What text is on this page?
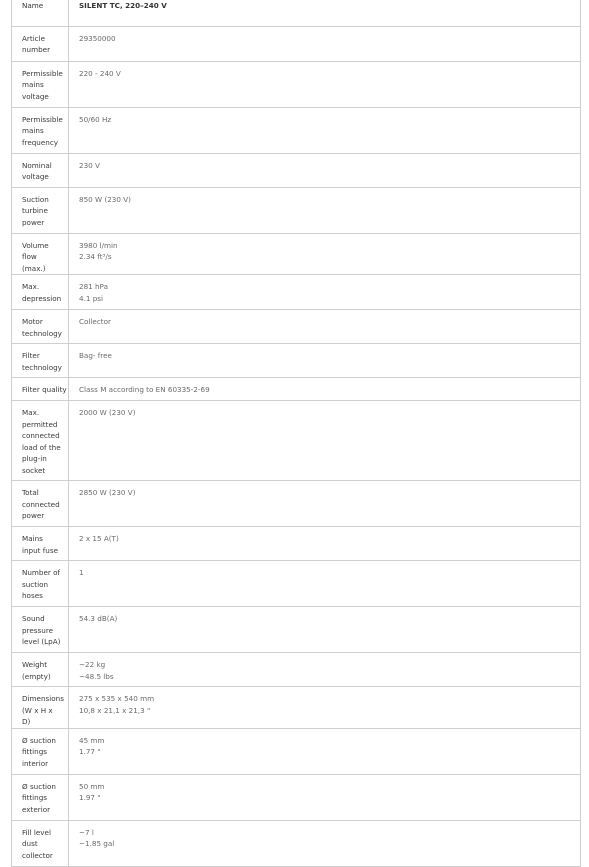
Name	SILENT TC, 220–240 V

Article number	29350000

Permissible mains voltage	220 - 240 V

Permissible mains frequency	50/60 Hz

Nominal voltage	230 V

Suction turbine power	850 W (230 V)

Volume flow (max.)	3980 l/min
2.34 ft³/s

Max. depression	281 hPa
4.1 psi

Motor technology	Collector

Filter technology	Bag- free

Filter quality	Class M according to EN 60335-2-69

Max. permitted connected load of the plug-in socket	2000 W (230 V)

Total connected power	2850 W (230 V)

Mains input fuse	2 x 15 A(T)

Number of suction hoses	1

Sound pressure level (LpA)	54.3 dB(A)

Weight (empty)	~22 kg
~48.5 lbs

Dimensions (W x H x D)	275 x 535 x 540 mm
10,8 x 21,1 x 21,3 "

Ø suction fittings interior	45 mm
1.77 "

Ø suction fittings exterior	50 mm
1.97 "

Fill level dust collector	~7 l
~1.85 gal
